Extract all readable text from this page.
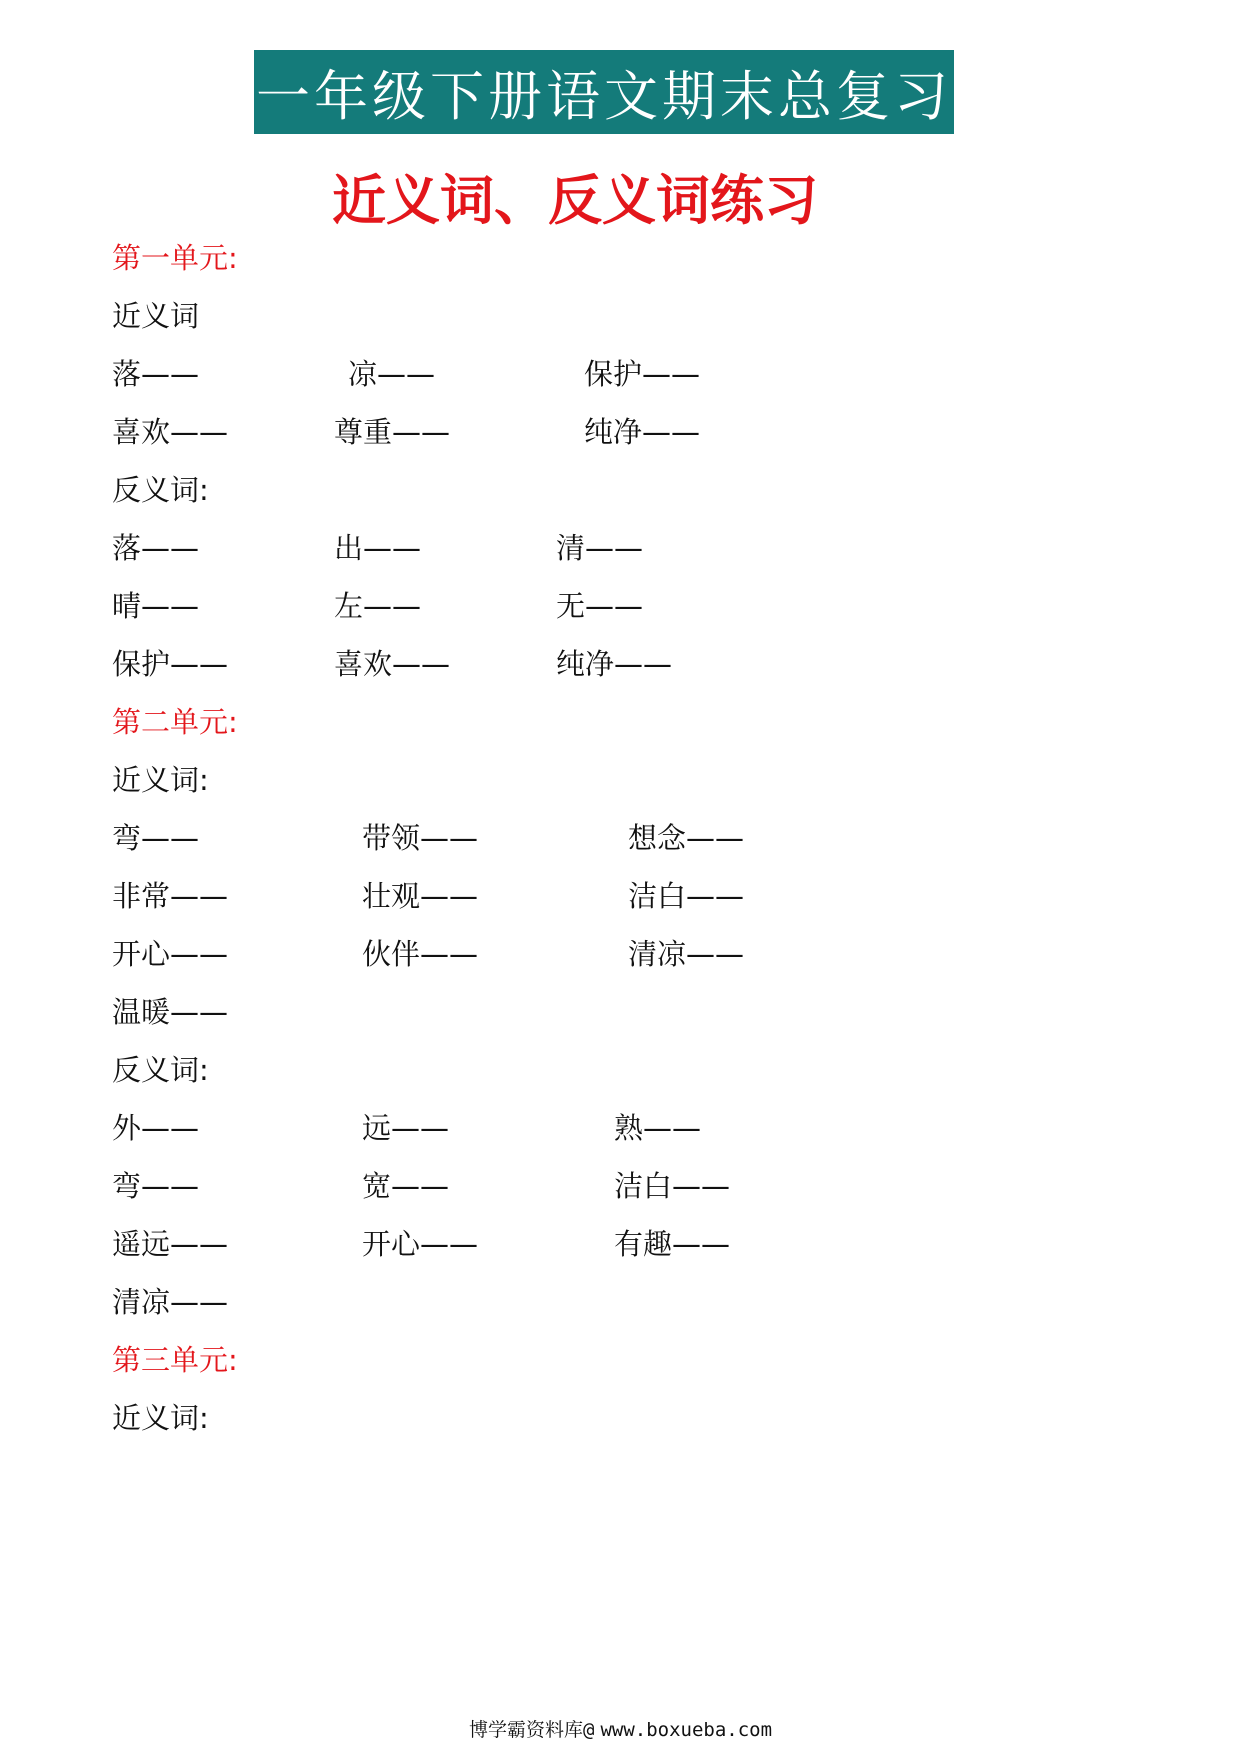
一年级下册语文期末总复习
近义词、反义词练习
第一单元:
近义词
落——	凉——	保护——
喜欢——	尊重——	纯净——
反义词:
落——	出——	清——
晴——	左——	无——
保护——	喜欢——	纯净——
第二单元:
近义词:
弯——	带领——	想念——
非常——	壮观——	洁白——
开心——	伙伴——	清凉——
温暖——
反义词:
外——	远——	熟——
弯——	宽——	洁白——
遥远——	开心——	有趣——
清凉——
第三单元:
近义词:
博学霸资料库@ www.boxueba.com
